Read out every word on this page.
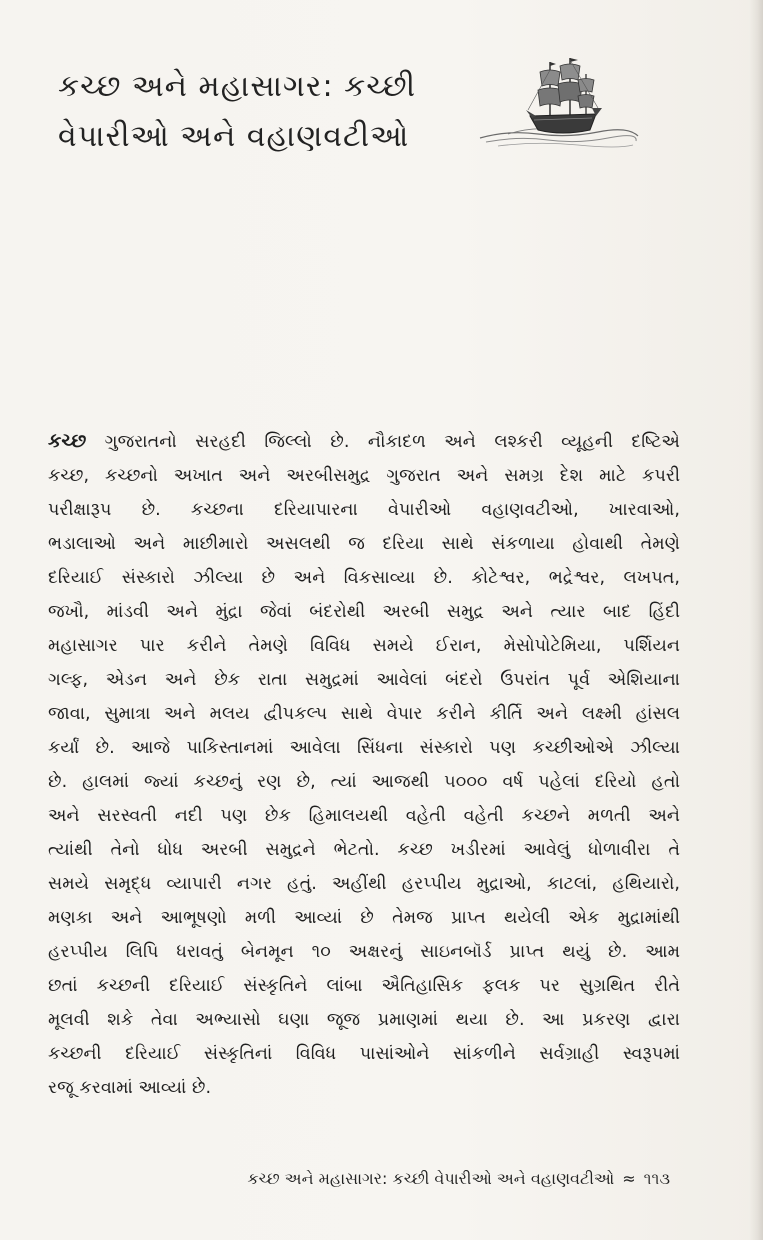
કચ્છ અને મહાસાગર: કચ્છી
વેપારીઓ અને વહાણવટીઓ
કચ્છ ગુજરાતનો સરહદી જિલ્લો છે. નૌકાદળ અને લશ્કરી વ્યૂહની દષ્ટિએ
કચ્છ, કચ્છનો અખાત અને અરબીસમુદ્ર ગુજરાત અને સમગ્ર દેશ માટે કપરી
પરીક્ષારૂપ છે. કચ્છના દરિયાપારના વેપારીઓ વહાણવટીઓ, ખારવાઓ,
ભડાલાઓ અને માછીમારો અસલથી જ દરિયા સાથે સંકળાયા હોવાથી તેમણે
દરિયાઈ સંસ્કારો ઝીલ્યા છે અને વિકસાવ્યા છે. કોટેશ્વર, ભદ્રેશ્વર, લખપત,
જખૌ, માંડવી અને મુંદ્રા જેવાં બંદરોથી અરબી સમુદ્ર અને ત્યાર બાદ હિંદી
મહાસાગર પાર કરીને તેમણે વિવિધ સમયે ઈરાન, મેસોપોટેમિયા, પર્શિયન
ગલ્ફ, એડન અને છેક રાતા સમુદ્રમાં આવેલાં બંદરો ઉપરાંત પૂર્વ એશિયાના
જાવા, સુમાત્રા અને મલય દ્વીપકલ્પ સાથે વેપાર કરીને કીર્તિ અને લક્ષ્મી હાંસલ
કર્યાં છે. આજે પાકિસ્તાનમાં આવેલા સિંધના સંસ્કારો પણ કચ્છીઓએ ઝીલ્યા
છે. હાલમાં જ્યાં કચ્છનું રણ છે, ત્યાં આજથી ૫૦૦૦ વર્ષ પહેલાં દરિયો હતો
અને સરસ્વતી નદી પણ છેક હિમાલયથી વહેતી વહેતી કચ્છને મળતી અને
ત્યાંથી તેનો ધોધ અરબી સમુદ્રને ભેટતો. કચ્છ ખડીરમાં આવેલું ધોળાવીરા તે
સમયે સમૃદ્ધ વ્યાપારી નગર હતું. અહીંથી હરપ્પીય મુદ્રાઓ, કાટલાં, હથિયારો,
મણકા અને આભૂષણો મળી આવ્યાં છે તેમજ પ્રાપ્ત થયેલી એક મુદ્રામાંથી
હરપ્પીય લિપિ ધરાવતું બેનમૂન ૧૦ અક્ષરનું સાઇનબૉર્ડ પ્રાપ્ત થયું છે. આમ
છતાં કચ્છની દરિયાઈ સંસ્કૃતિને લાંબા ઐતિહાસિક ફલક પર સુગ્રથિત રીતે
મૂલવી શકે તેવા અભ્યાસો ઘણા જૂજ પ્રમાણમાં થયા છે. આ પ્રકરણ દ્વારા
કચ્છની દરિયાઈ સંસ્કૃતિનાં વિવિધ પાસાંઓને સાંકળીને સર્વગ્રાહી સ્વરૂપમાં
રજૂ કરવામાં આવ્યાં છે.
કચ્છ અને મહાસાગર: કચ્છી વેપારીઓ અને વહાણવટીઓ ≈ ૧૧૩
